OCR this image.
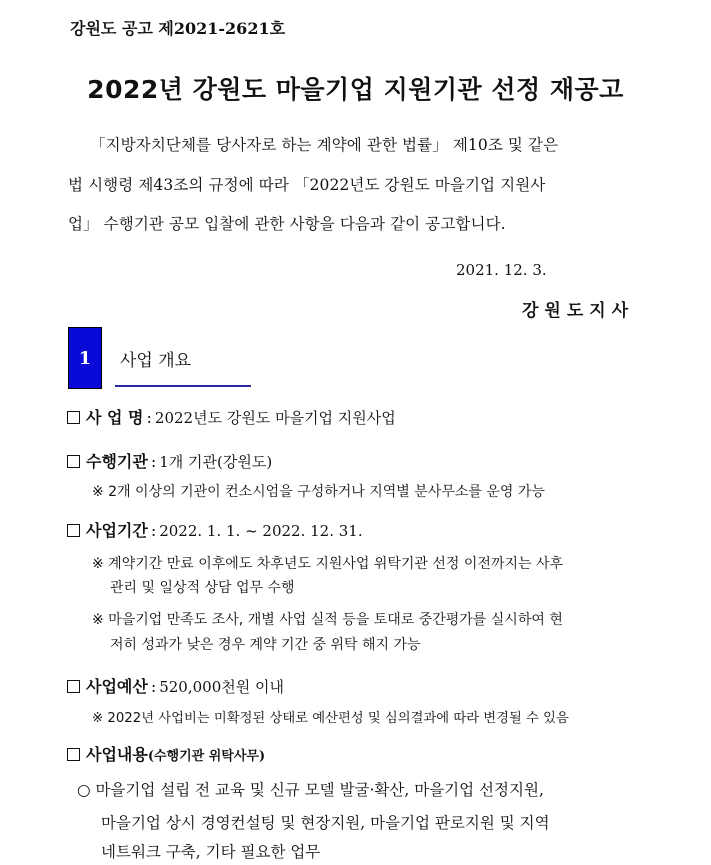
강원도 공고 제2021-2621호
2022년 강원도 마을기업 지원기관 선정 재공고
「지방자치단체를 당사자로 하는 계약에 관한 법률」 제10조 및 같은
법 시행령 제43조의 규정에 따라 「2022년도 강원도 마을기업 지원사
업」 수행기관 공모 입찰에 관한 사항을 다음과 같이 공고합니다.
2021. 12. 3.
강원도지사
1	사업 개요
사 업 명 : 2022년도 강원도 마을기업 지원사업
수행기관 : 1개 기관(강원도)
※ 2개 이상의 기관이 컨소시엄을 구성하거나 지역별 분사무소를 운영 가능
사업기간 : 2022. 1. 1. ~ 2022. 12. 31.
※ 계약기간 만료 이후에도 차후년도 지원사업 위탁기관 선정 이전까지는 사후
관리 및 일상적 상담 업무 수행
※ 마을기업 만족도 조사, 개별 사업 실적 등을 토대로 중간평가를 실시하여 현
저히 성과가 낮은 경우 계약 기간 중 위탁 해지 가능
사업예산 : 520,000천원 이내
※ 2022년 사업비는 미확정된 상태로 예산편성 및 심의결과에 따라 변경될 수 있음
사업내용(수행기관 위탁사무)
○ 마을기업 설립 전 교육 및 신규 모델 발굴·확산, 마을기업 선정지원,
마을기업 상시 경영컨설팅 및 현장지원, 마을기업 판로지원 및 지역
네트워크 구축, 기타 필요한 업무
